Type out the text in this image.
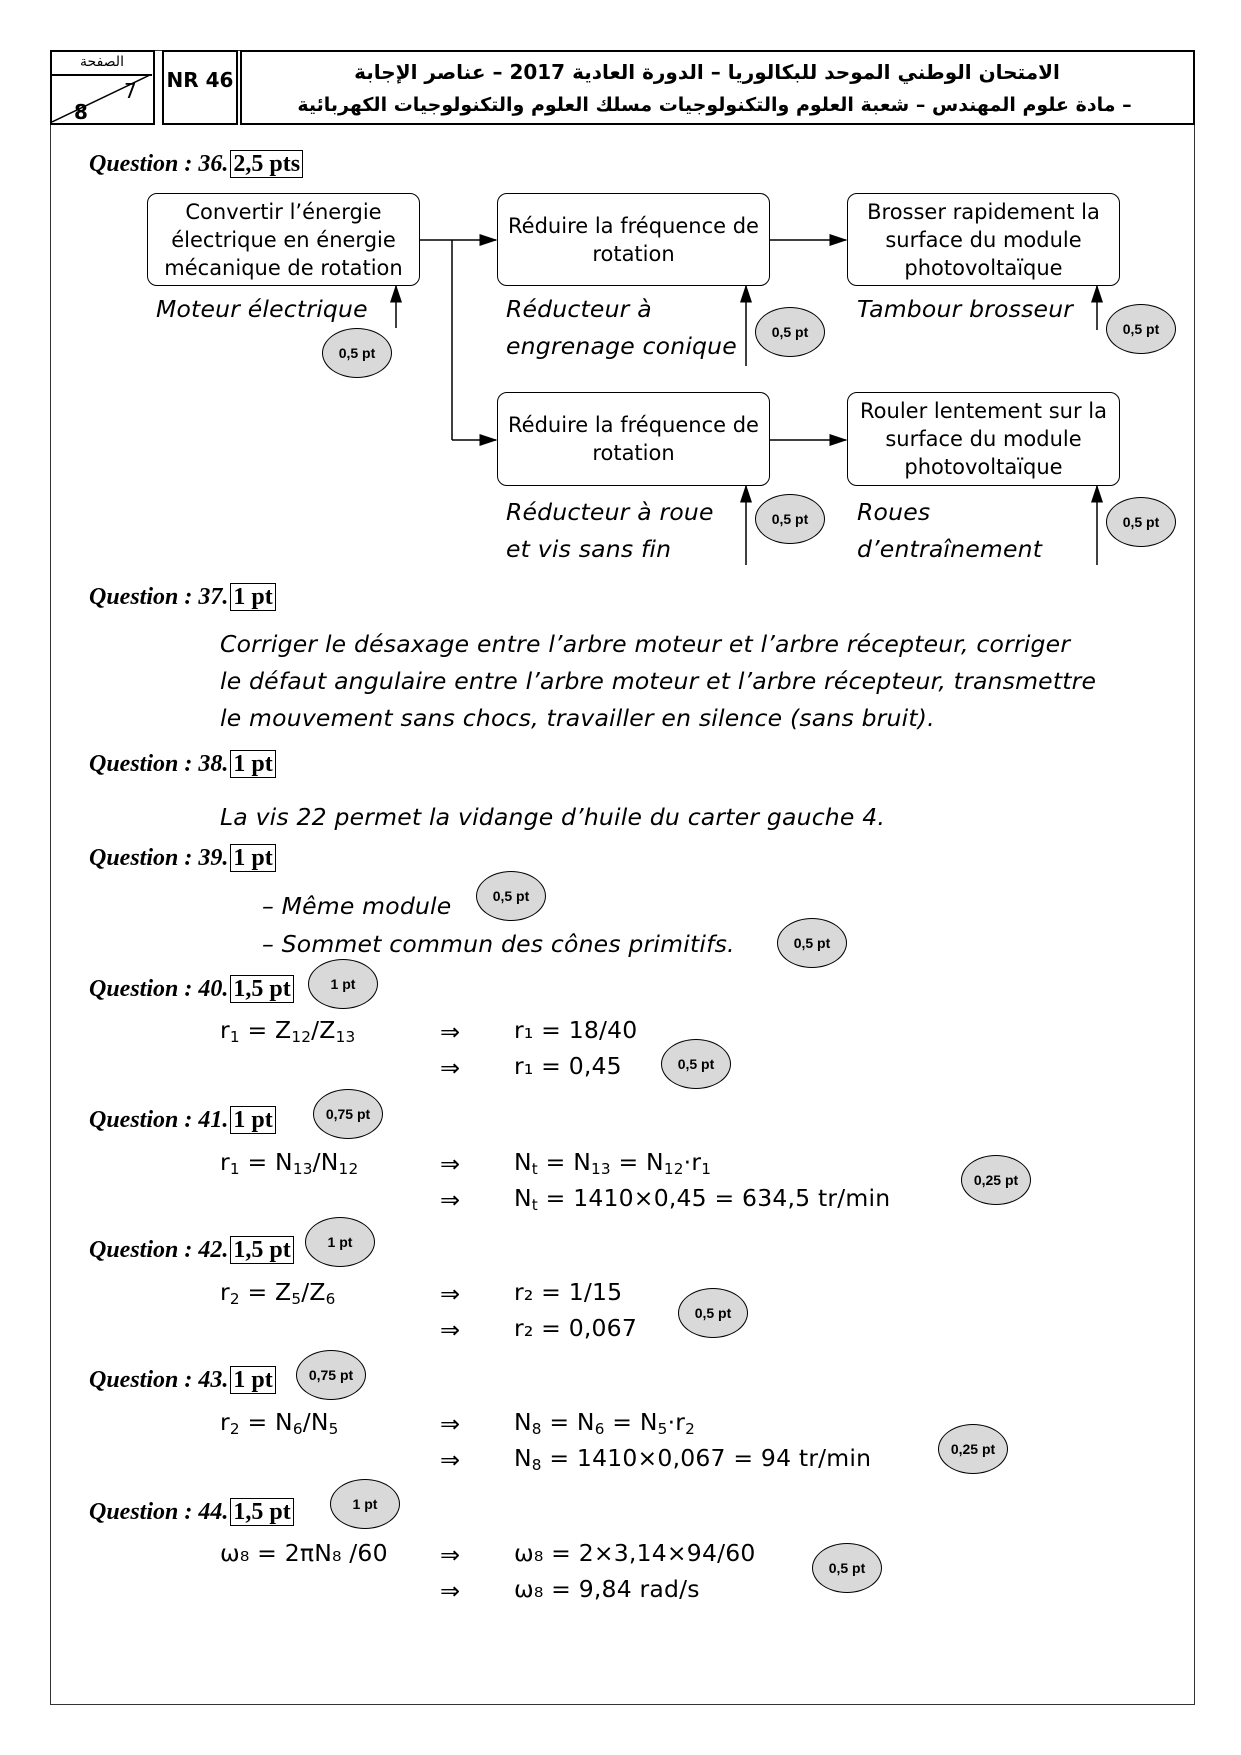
الصفحة
7
8
NR 46	الامتحان الوطني الموحد للبكالوريا – الدورة العادية 2017 – عناصر الإجابة
– مادة علوم المهندس – شعبة العلوم والتكنولوجيات مسلك العلوم والتكنولوجيات الكهربائية
Question : 36. 2,5 pts
Convertir l’énergie électrique en énergie mécanique de rotation
Réduire la fréquence de rotation
Brosser rapidement la surface du module photovoltaïque
Réduire la fréquence de rotation
Rouler lentement sur la surface du module photovoltaïque
Moteur électrique	Réducteur à
engrenage conique
Tambour brosseur
Réducteur à roue
et vis sans fin
Roues
d’entraînement
0,5 pt
0,5 pt	0,5 pt
0,5 pt	0,5 pt
Question : 37. 1 pt
Corriger le désaxage entre l’arbre moteur et l’arbre récepteur, corriger
le défaut angulaire entre l’arbre moteur et l’arbre récepteur, transmettre
le mouvement sans chocs, travailler en silence (sans bruit).
Question : 38. 1 pt
La vis 22 permet la vidange d’huile du carter gauche 4.
Question : 39. 1 pt
– Même module
– Sommet commun des cônes primitifs.
0,5 pt
0,5 pt
Question : 40. 1,5 pt	1 pt
$r_1 = Z_{12}/Z_{13}$	⇒ r₁ = 18/40
⇒ r₁ = 0,45	0,5 pt
Question : 41. 1 pt	0,75 pt
$r_1 = N_{13}/N_{12}$	⇒ $N_t = N_{13} = N_{12}\cdot r_1$
⇒ $N_t = 1410\times 0,45 = 634,5$ tr/min
0,25 pt
Question : 42. 1,5 pt	1 pt
$r_2 = Z_5/Z_6$	⇒ r₂ = 1/15
⇒ r₂ = 0,067
0,5 pt
Question : 43. 1 pt	0,75 pt
$r_2 = N_6/N_5$	⇒ $N_8 = N_6 = N_5\cdot r_2$
⇒ $N_8 = 1410\times 0,067 = 94$ tr/min	0,25 pt
Question : 44. 1,5 pt	1 pt
ω₈ = 2πN₈ /60 ⇒ ω₈ = 2×3,14×94/60
⇒ ω₈ = 9,84 rad/s
0,5 pt
